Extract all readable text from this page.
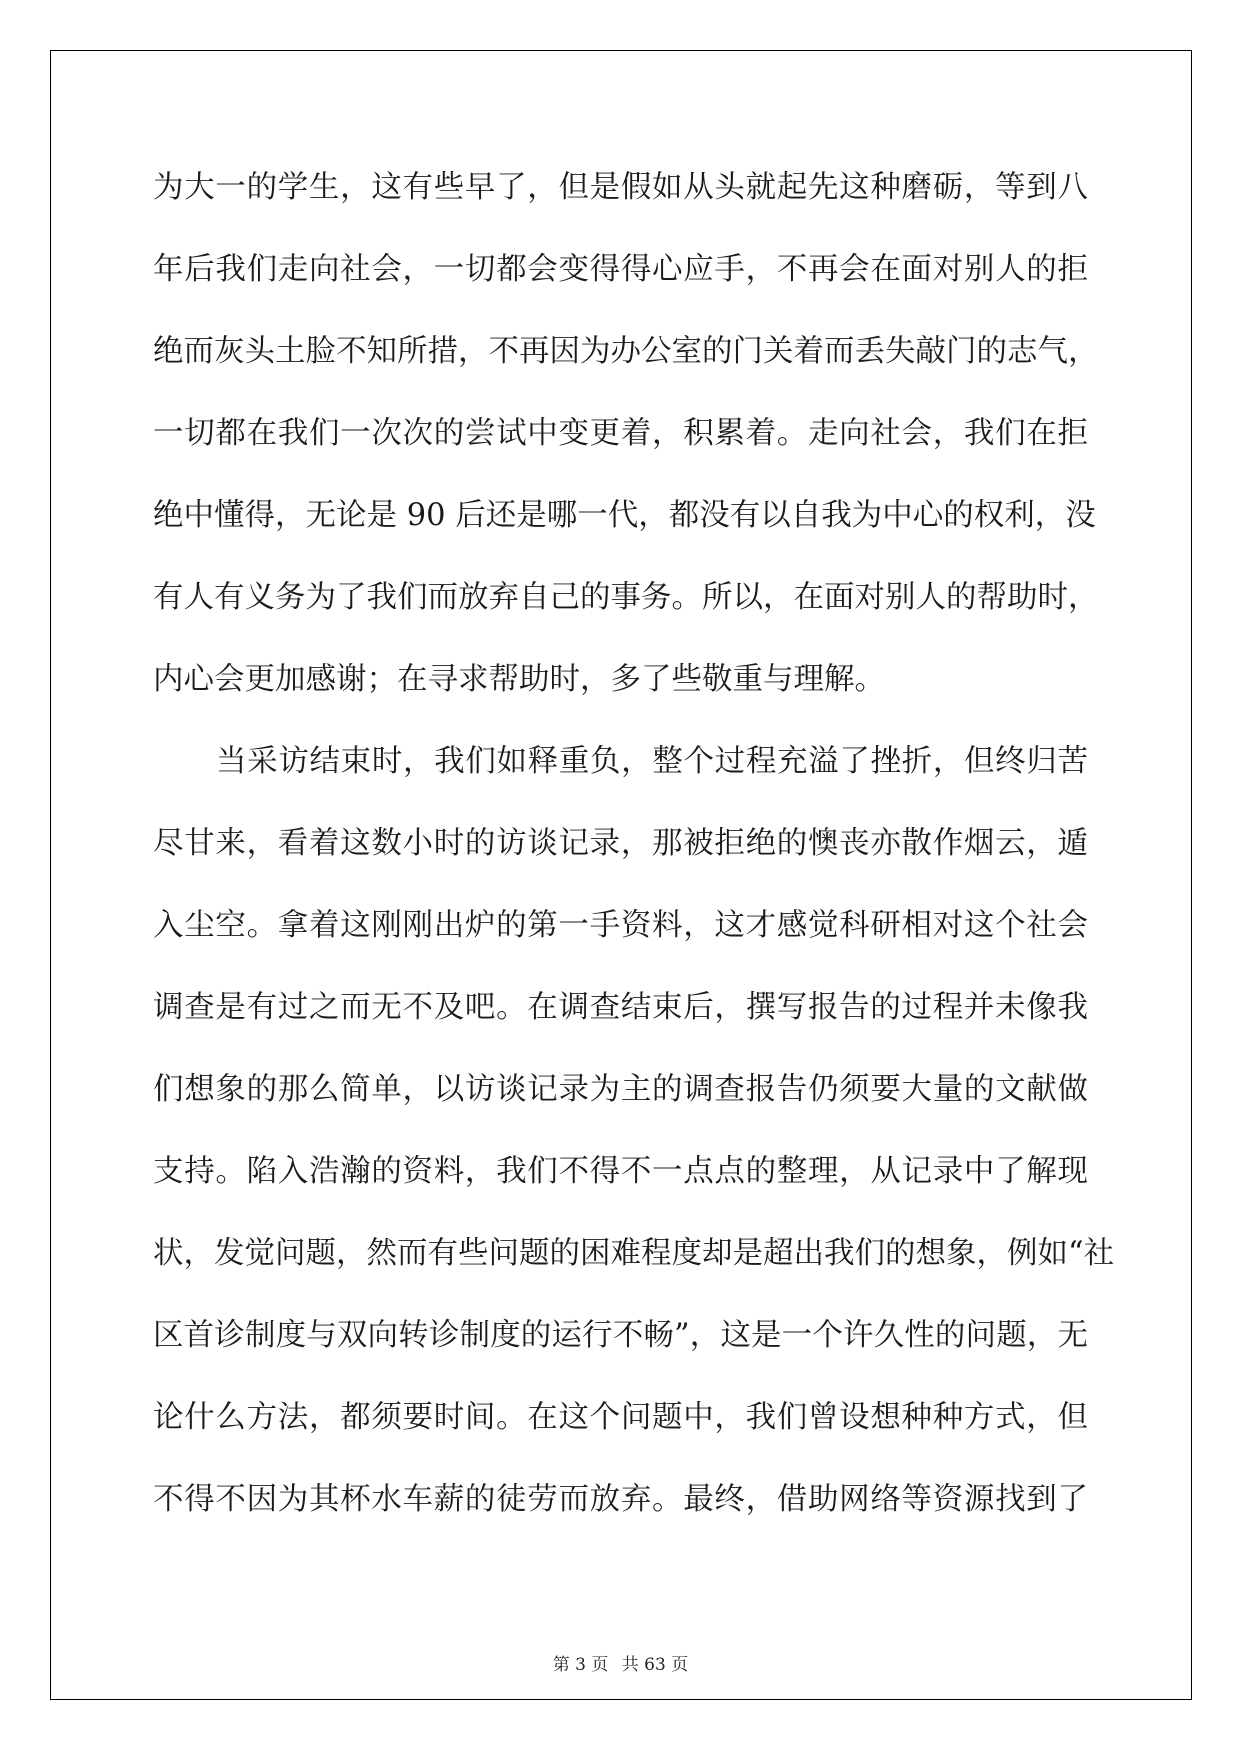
为大一的学生，这有些早了，但是假如从头就起先这种磨砺，等到八
年后我们走向社会，一切都会变得得心应手，不再会在面对别人的拒
绝而灰头土脸不知所措，不再因为办公室的门关着而丢失敲门的志气，
一切都在我们一次次的尝试中变更着，积累着。走向社会，我们在拒
绝中懂得，无论是 90 后还是哪一代，都没有以自我为中心的权利，没
有人有义务为了我们而放弃自己的事务。所以，在面对别人的帮助时，
内心会更加感谢；在寻求帮助时，多了些敬重与理解。
当采访结束时，我们如释重负，整个过程充溢了挫折，但终归苦
尽甘来，看着这数小时的访谈记录，那被拒绝的懊丧亦散作烟云，遁
入尘空。拿着这刚刚出炉的第一手资料，这才感觉科研相对这个社会
调查是有过之而无不及吧。在调查结束后，撰写报告的过程并未像我
们想象的那么简单，以访谈记录为主的调查报告仍须要大量的文献做
支持。陷入浩瀚的资料，我们不得不一点点的整理，从记录中了解现
状，发觉问题，然而有些问题的困难程度却是超出我们的想象，例如“社
区首诊制度与双向转诊制度的运行不畅”，这是一个许久性的问题，无
论什么方法，都须要时间。在这个问题中，我们曾设想种种方式，但
不得不因为其杯水车薪的徒劳而放弃。最终，借助网络等资源找到了
第 3 页 共 63 页
